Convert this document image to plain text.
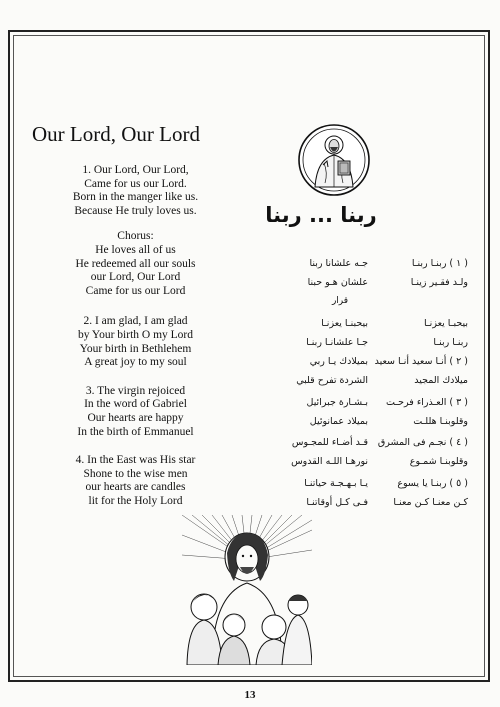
Our Lord, Our Lord

1. Our Lord, Our Lord,

Came for us our Lord.

Born in the manger like us.

Because He truly loves us.

Chorus:

He loves all of us

He redeemed all our souls

our Lord, Our Lord

Came for us our Lord

2. I am glad, I am glad

by Your birth O my Lord

Your birth in Bethlehem

A great joy to my soul

3. The virgin rejoiced

In the word of Gabriel

Our hearts are happy

In the birth of Emmanuel

4. In the East was His star

Shone to the wise men

our hearts are candles

lit for the Holy Lord

ربنا ... ربنا
( ١ ) ربنـا ربنـا
جـه علشانا ربنا
ولـد فقـير زينـا
علشان هـو حبنا
قرار
بيحبـا يعزنـا
بيحبنـا يعزنـا
ربنـا ربنـا
جـا علشانـا ربنـا
( ٢ ) أنـا سعيد أنـا سعيد
بميلادك يـا ربي
ميلادك المجيد
الشردة تفرح قلبي
( ٣ ) العـذراء فرحـت
بـشـارة جبرائيل
وقلوبنـا هللـت
بميلاد عمانوئيل
( ٤ ) نجـم فى المشرق
قـد أضـاء للمجـوس
وقلوبنـا شمـوع
نورهـا اللـه القدوس
( ٥ ) ربنـا يا يسوع
يـا بـهـجـة حياتنـا
كـن معنـا كـن معنـا
فـى كـل أوقاتنـا
13
